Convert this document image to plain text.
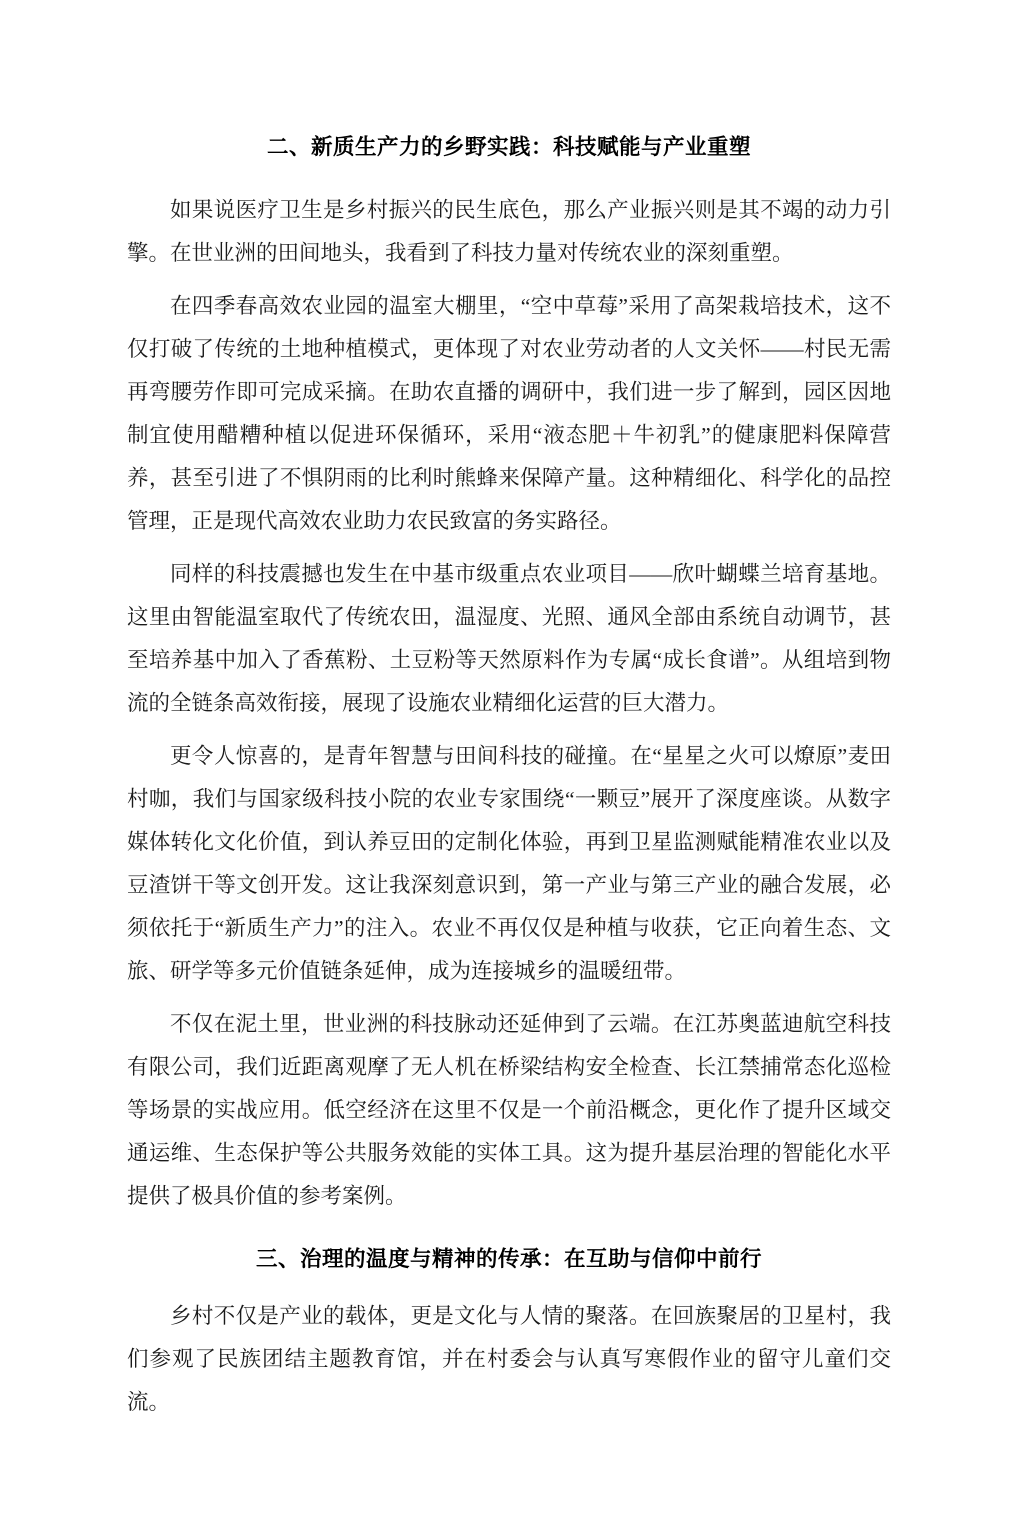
二、新质生产力的乡野实践：科技赋能与产业重塑

如果说医疗卫生是乡村振兴的民生底色，那么产业振兴则是其不竭的动力引擎。在世业洲的田间地头，我看到了科技力量对传统农业的深刻重塑。

在四季春高效农业园的温室大棚里，“空中草莓”采用了高架栽培技术，这不仅打破了传统的土地种植模式，更体现了对农业劳动者的人文关怀——村民无需再弯腰劳作即可完成采摘。在助农直播的调研中，我们进一步了解到，园区因地制宜使用醋糟种植以促进环保循环，采用“液态肥＋牛初乳”的健康肥料保障营养，甚至引进了不惧阴雨的比利时熊蜂来保障产量。这种精细化、科学化的品控管理，正是现代高效农业助力农民致富的务实路径。

同样的科技震撼也发生在中基市级重点农业项目——欣叶蝴蝶兰培育基地。这里由智能温室取代了传统农田，温湿度、光照、通风全部由系统自动调节，甚至培养基中加入了香蕉粉、土豆粉等天然原料作为专属“成长食谱”。从组培到物流的全链条高效衔接，展现了设施农业精细化运营的巨大潜力。

更令人惊喜的，是青年智慧与田间科技的碰撞。在“星星之火可以燎原”麦田村咖，我们与国家级科技小院的农业专家围绕“一颗豆”展开了深度座谈。从数字媒体转化文化价值，到认养豆田的定制化体验，再到卫星监测赋能精准农业以及豆渣饼干等文创开发。这让我深刻意识到，第一产业与第三产业的融合发展，必须依托于“新质生产力”的注入。农业不再仅仅是种植与收获，它正向着生态、文旅、研学等多元价值链条延伸，成为连接城乡的温暖纽带。

不仅在泥土里，世业洲的科技脉动还延伸到了云端。在江苏奥蓝迪航空科技有限公司，我们近距离观摩了无人机在桥梁结构安全检查、长江禁捕常态化巡检等场景的实战应用。低空经济在这里不仅是一个前沿概念，更化作了提升区域交通运维、生态保护等公共服务效能的实体工具。这为提升基层治理的智能化水平提供了极具价值的参考案例。

三、治理的温度与精神的传承：在互助与信仰中前行

乡村不仅是产业的载体，更是文化与人情的聚落。在回族聚居的卫星村，我们参观了民族团结主题教育馆，并在村委会与认真写寒假作业的留守儿童们交流。
